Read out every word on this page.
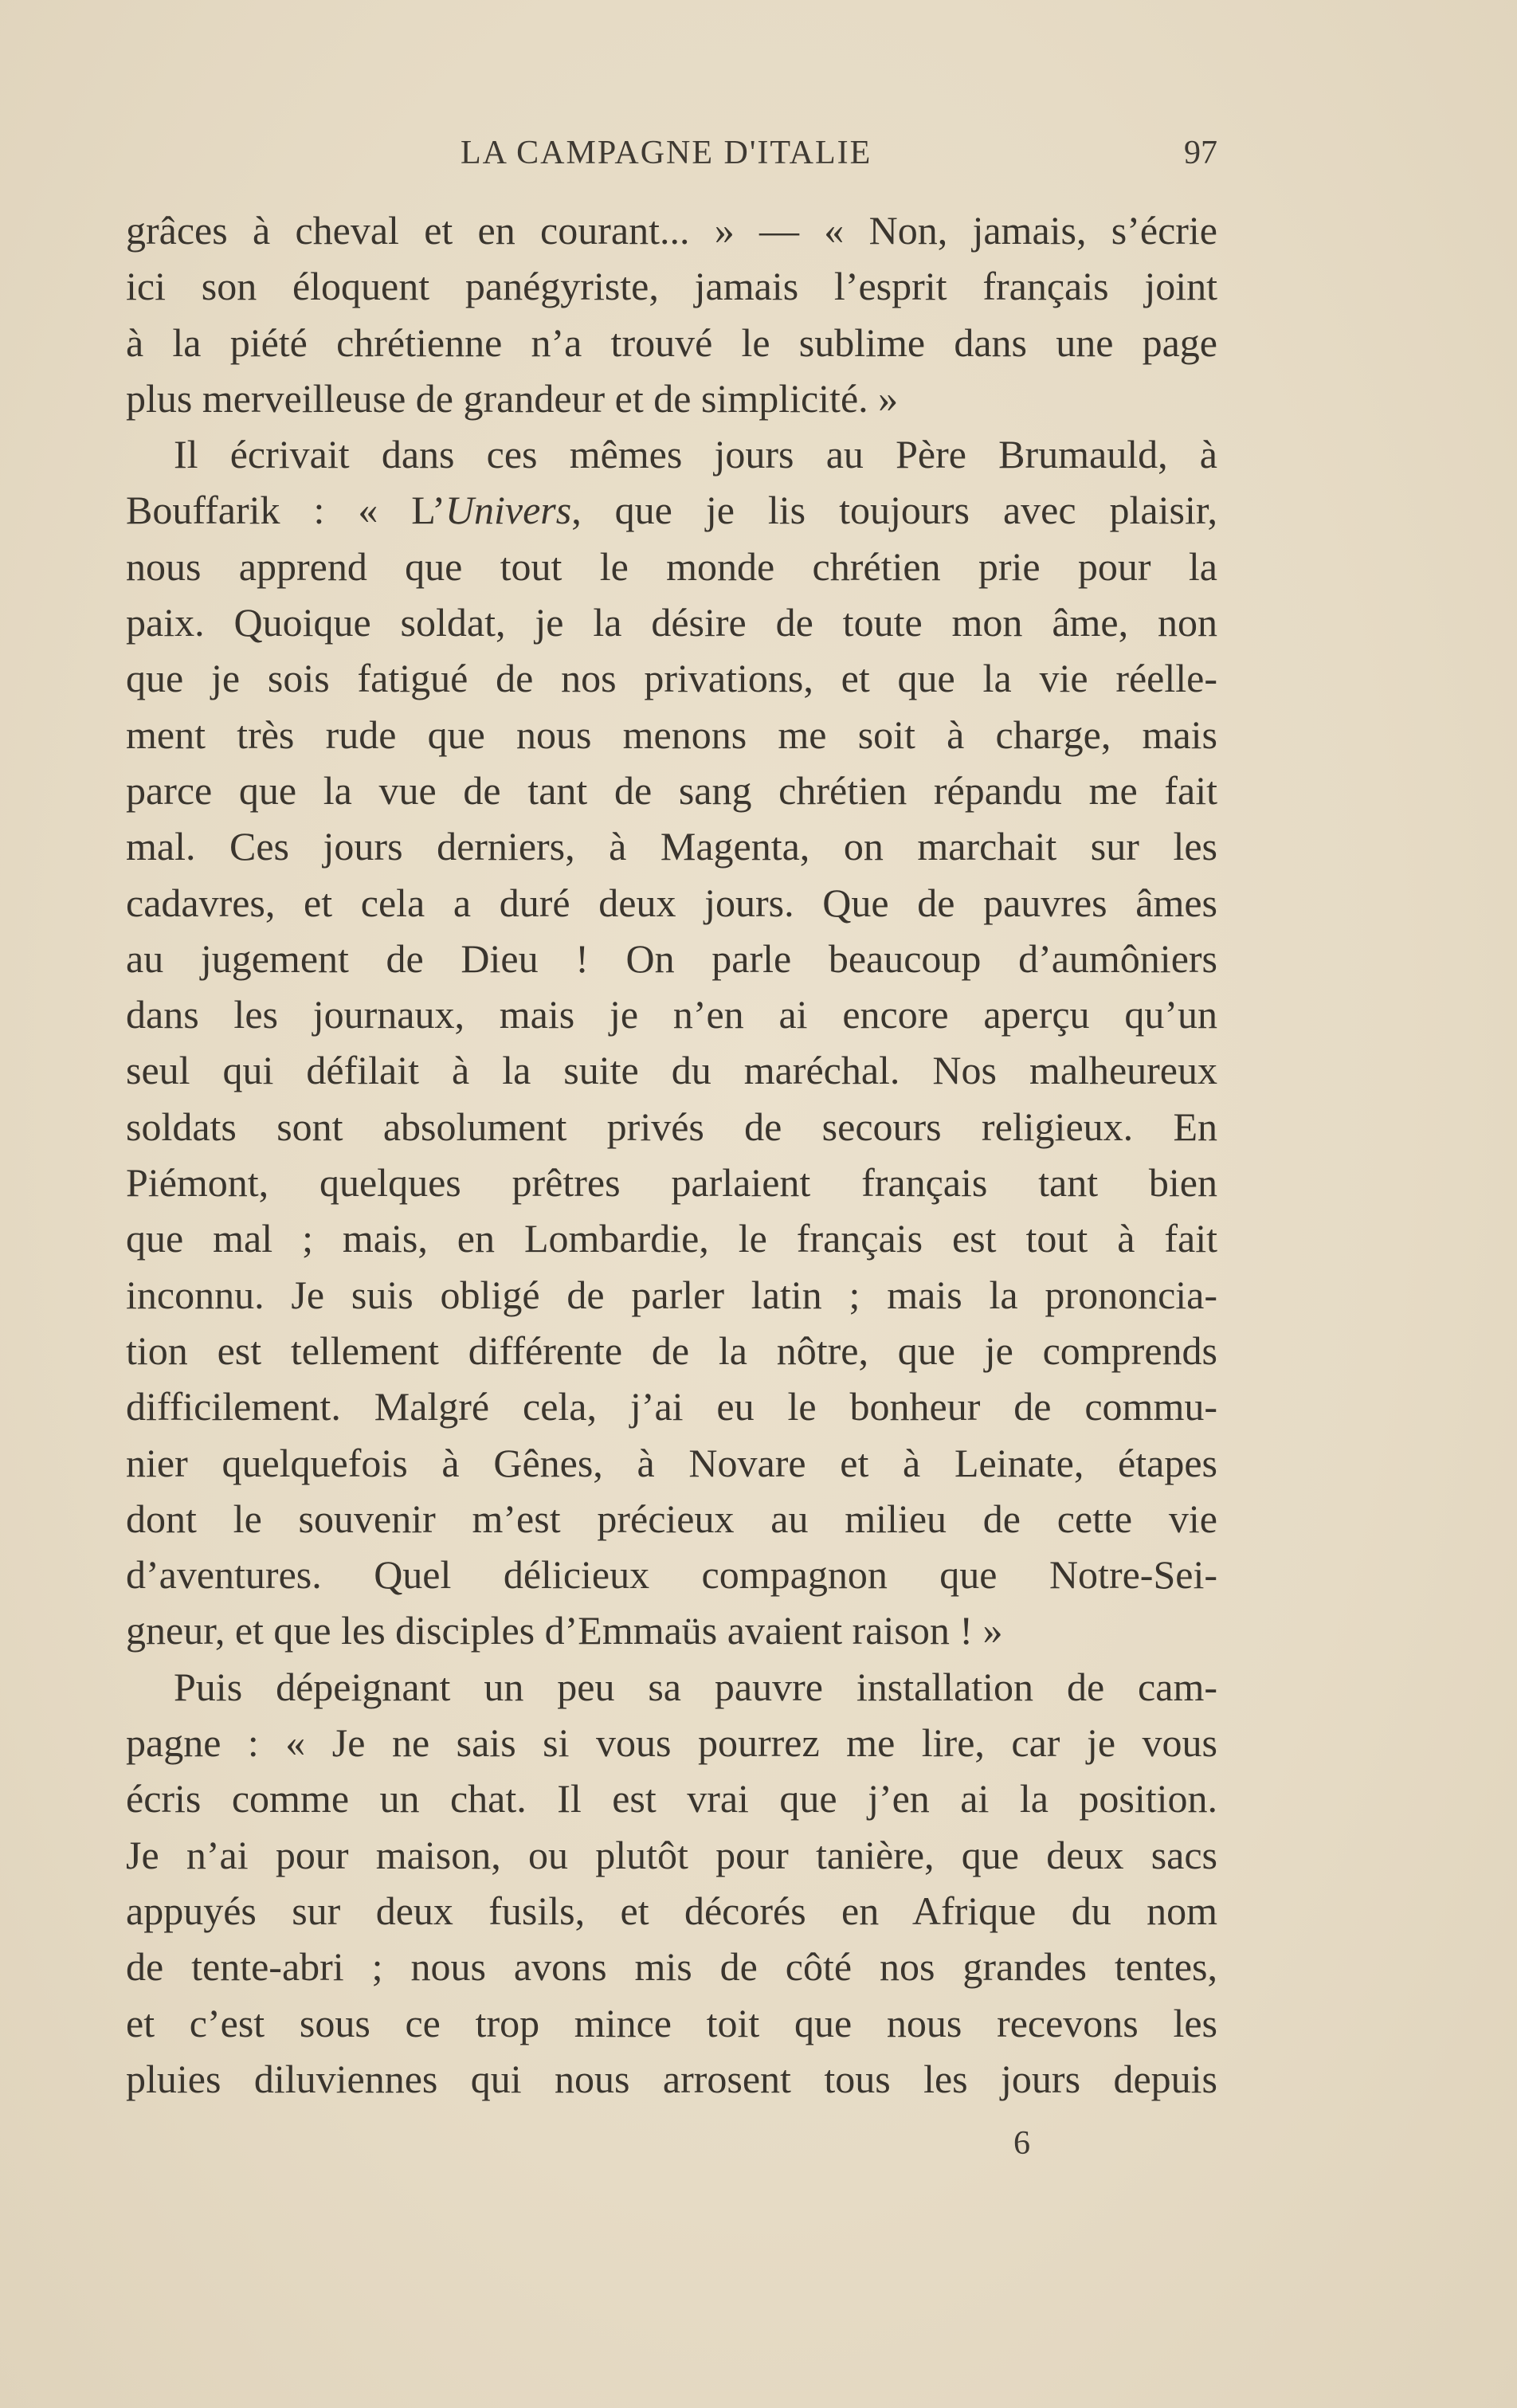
LA CAMPAGNE D'ITALIE	97

grâces à cheval et en courant... » — « Non, jamais, s’écrie

ici son éloquent panégyriste, jamais l’esprit français joint

à la piété chrétienne n’a trouvé le sublime dans une page

plus merveilleuse de grandeur et de simplicité. »

Il écrivait dans ces mêmes jours au Père Brumauld, à

Bouffarik : « L’Univers, que je lis toujours avec plaisir,

nous apprend que tout le monde chrétien prie pour la

paix. Quoique soldat, je la désire de toute mon âme, non

que je sois fatigué de nos privations, et que la vie réelle-

ment très rude que nous menons me soit à charge, mais

parce que la vue de tant de sang chrétien répandu me fait

mal. Ces jours derniers, à Magenta, on marchait sur les

cadavres, et cela a duré deux jours. Que de pauvres âmes

au jugement de Dieu ! On parle beaucoup d’aumôniers

dans les journaux, mais je n’en ai encore aperçu qu’un

seul qui défilait à la suite du maréchal. Nos malheureux

soldats sont absolument privés de secours religieux. En

Piémont, quelques prêtres parlaient français tant bien

que mal ; mais, en Lombardie, le français est tout à fait

inconnu. Je suis obligé de parler latin ; mais la prononcia-

tion est tellement différente de la nôtre, que je comprends

difficilement. Malgré cela, j’ai eu le bonheur de commu-

nier quelquefois à Gênes, à Novare et à Leinate, étapes

dont le souvenir m’est précieux au milieu de cette vie

d’aventures. Quel délicieux compagnon que Notre-Sei-

gneur, et que les disciples d’Emmaüs avaient raison ! »

Puis dépeignant un peu sa pauvre installation de cam-

pagne : « Je ne sais si vous pourrez me lire, car je vous

écris comme un chat. Il est vrai que j’en ai la position.

Je n’ai pour maison, ou plutôt pour tanière, que deux sacs

appuyés sur deux fusils, et décorés en Afrique du nom

de tente-abri ; nous avons mis de côté nos grandes tentes,

et c’est sous ce trop mince toit que nous recevons les

pluies diluviennes qui nous arrosent tous les jours depuis

6
